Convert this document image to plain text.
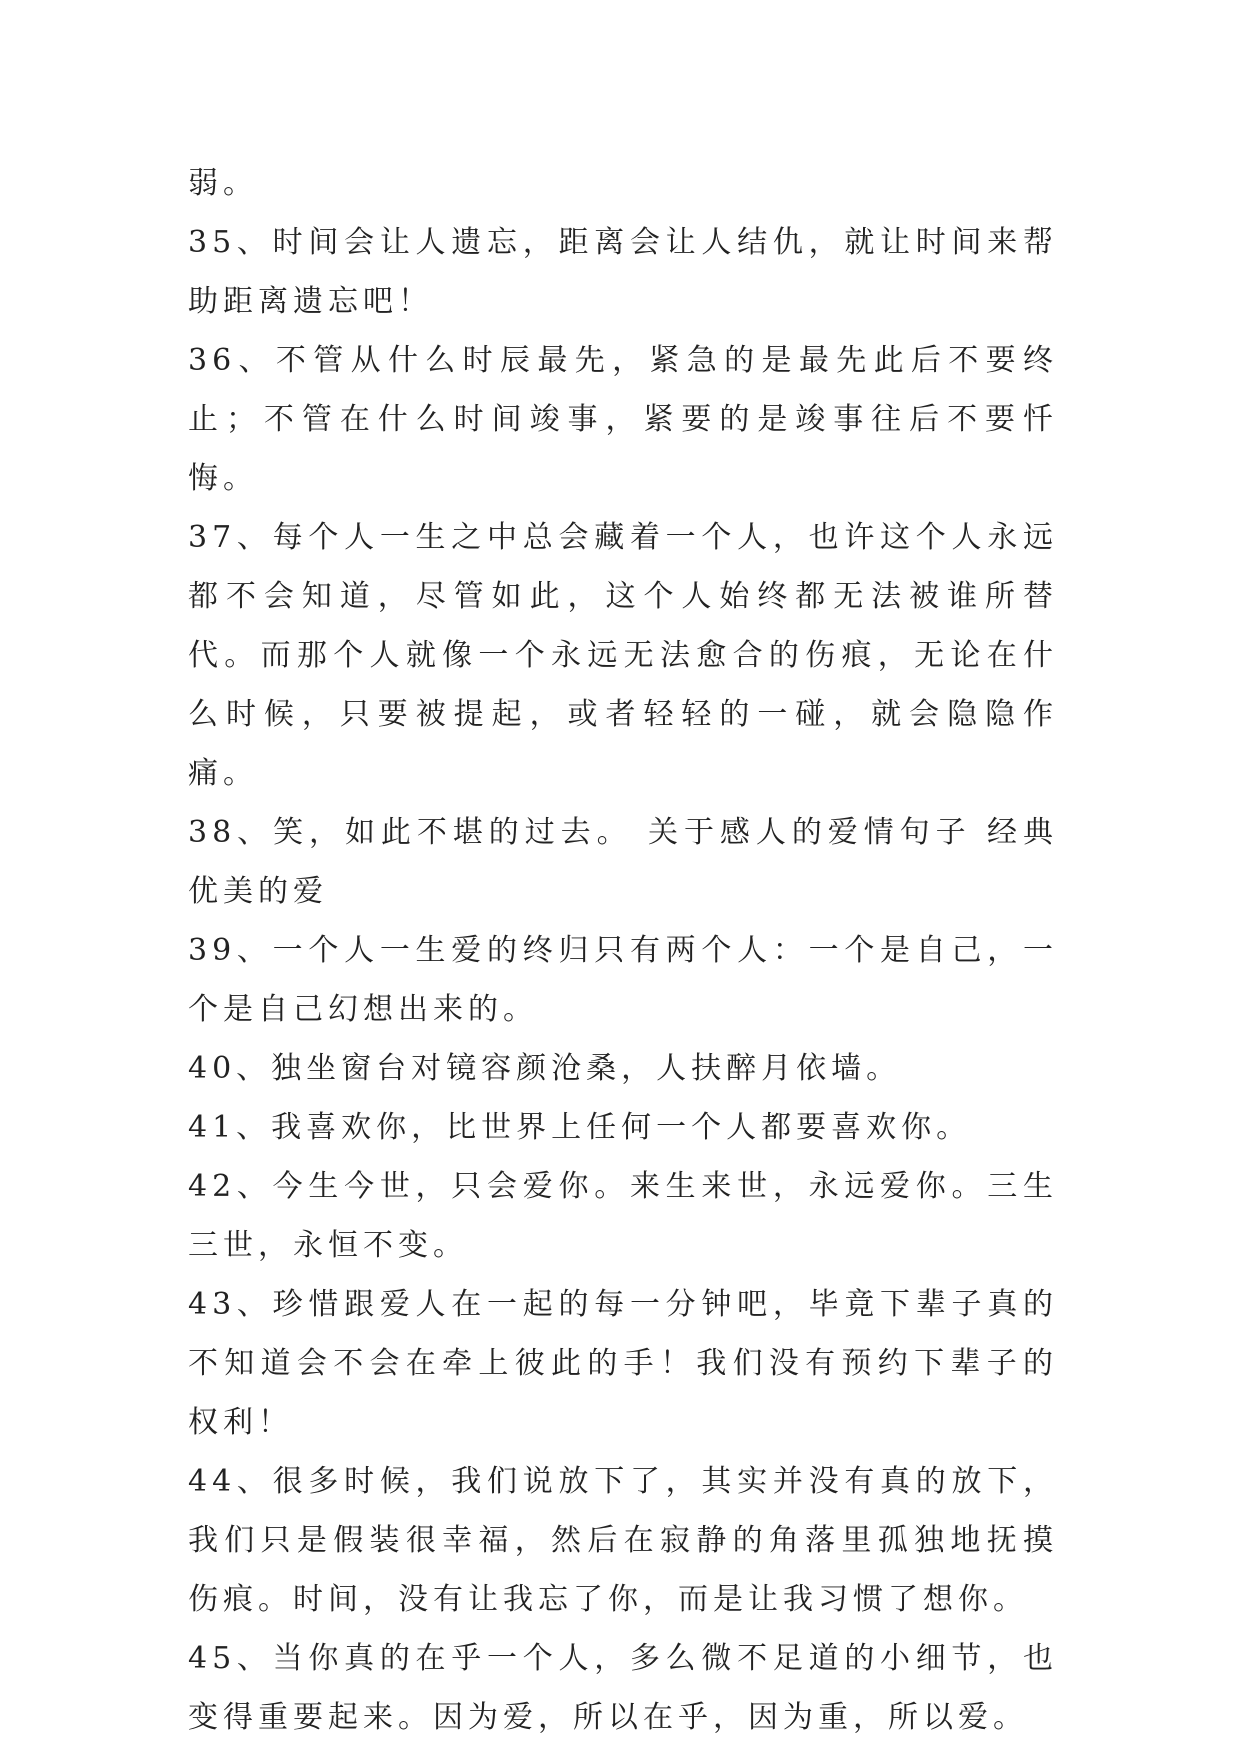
弱。

35、时间会让人遗忘，距离会让人结仇，就让时间来帮助距离遗忘吧！

36、不管从什么时辰最先，紧急的是最先此后不要终止；不管在什么时间竣事，紧要的是竣事往后不要忏悔。

37、每个人一生之中总会藏着一个人，也许这个人永远都不会知道，尽管如此，这个人始终都无法被谁所替代。而那个人就像一个永远无法愈合的伤痕，无论在什么时候，只要被提起，或者轻轻的一碰，就会隐隐作痛。

38、笑，如此不堪的过去。 关于感人的爱情句子 经典优美的爱

39、一个人一生爱的终归只有两个人：一个是自己，一个是自己幻想出来的。

40、独坐窗台对镜容颜沧桑，人扶醉月依墙。

41、我喜欢你，比世界上任何一个人都要喜欢你。

42、今生今世，只会爱你。来生来世，永远爱你。三生三世，永恒不变。

43、珍惜跟爱人在一起的每一分钟吧，毕竟下辈子真的不知道会不会在牵上彼此的手！我们没有预约下辈子的权利！

44、很多时候，我们说放下了，其实并没有真的放下，我们只是假装很幸福，然后在寂静的角落里孤独地抚摸伤痕。时间，没有让我忘了你，而是让我习惯了想你。

45、当你真的在乎一个人，多么微不足道的小细节，也变得重要起来。因为爱，所以在乎，因为重，所以爱。
